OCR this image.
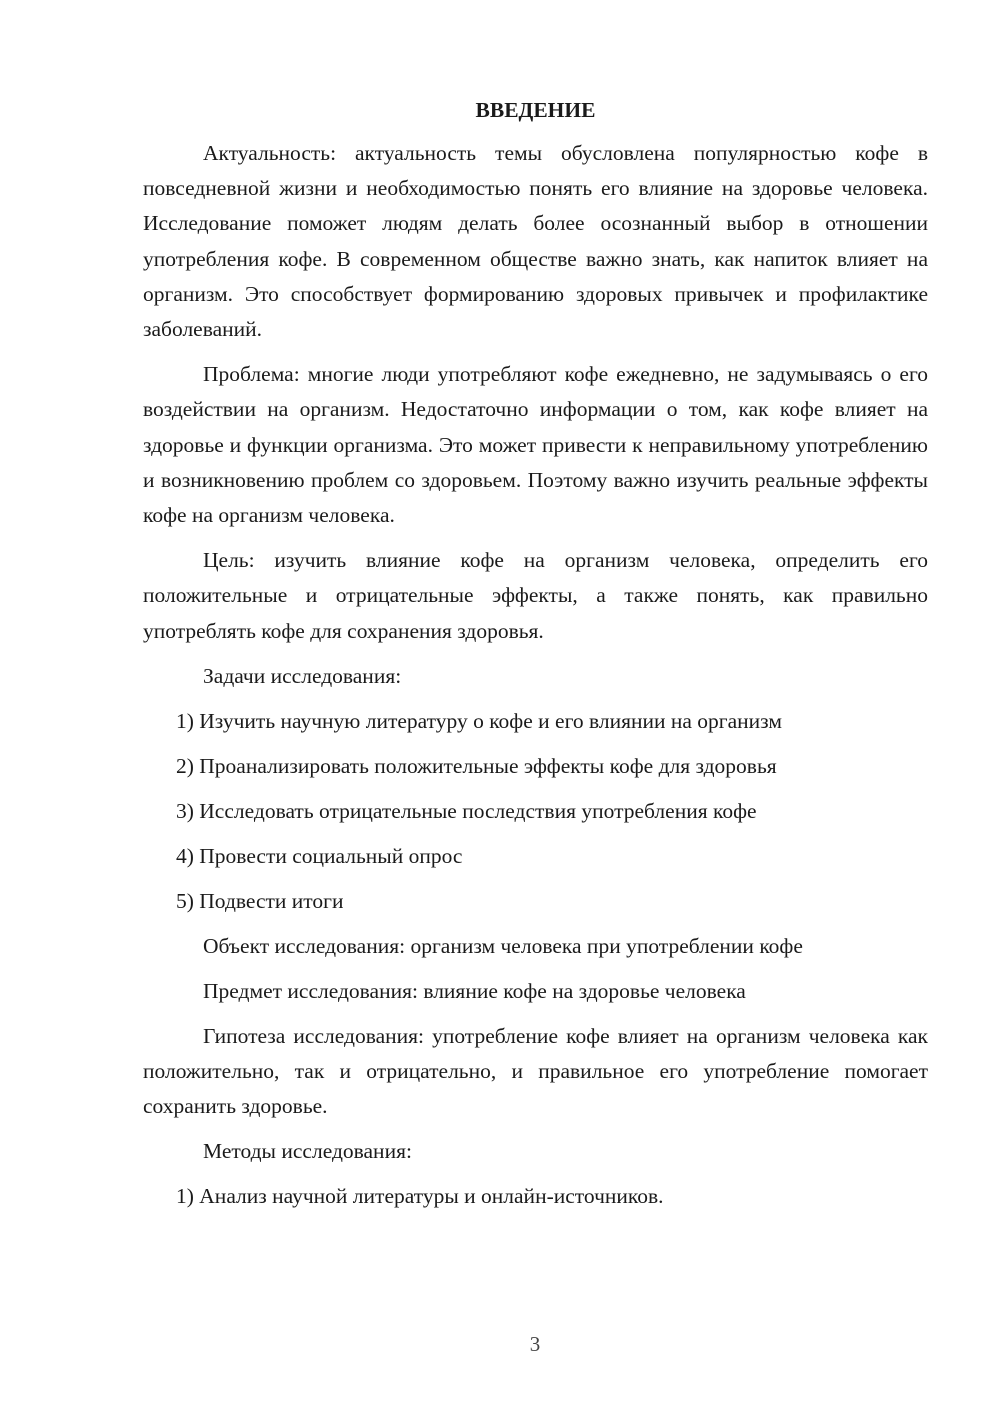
ВВЕДЕНИЕ

Актуальность: актуальность темы обусловлена популярностью кофе в повседневной жизни и необходимостью понять его влияние на здоровье человека. Исследование поможет людям делать более осознанный выбор в отношении употребления кофе. В современном обществе важно знать, как напиток влияет на организм. Это способствует формированию здоровых привычек и профилактике заболеваний.

Проблема: многие люди употребляют кофе ежедневно, не задумываясь о его воздействии на организм. Недостаточно информации о том, как кофе влияет на здоровье и функции организма. Это может привести к неправильному употреблению и возникновению проблем со здоровьем. Поэтому важно изучить реальные эффекты кофе на организм человека.

Цель: изучить влияние кофе на организм человека, определить его положительные и отрицательные эффекты, а также понять, как правильно употреблять кофе для сохранения здоровья.

Задачи исследования:
1) Изучить научную литературу о кофе и его влиянии на организм
2) Проанализировать положительные эффекты кофе для здоровья
3) Исследовать отрицательные последствия употребления кофе
4) Провести социальный опрос
5) Подвести итоги
Объект исследования: организм человека при употреблении кофе
Предмет исследования: влияние кофе на здоровье человека

Гипотеза исследования: употребление кофе влияет на организм человека как положительно, так и отрицательно, и правильное его употребление помогает сохранить здоровье.

Методы исследования:
1) Анализ научной литературы и онлайн-источников.
3
